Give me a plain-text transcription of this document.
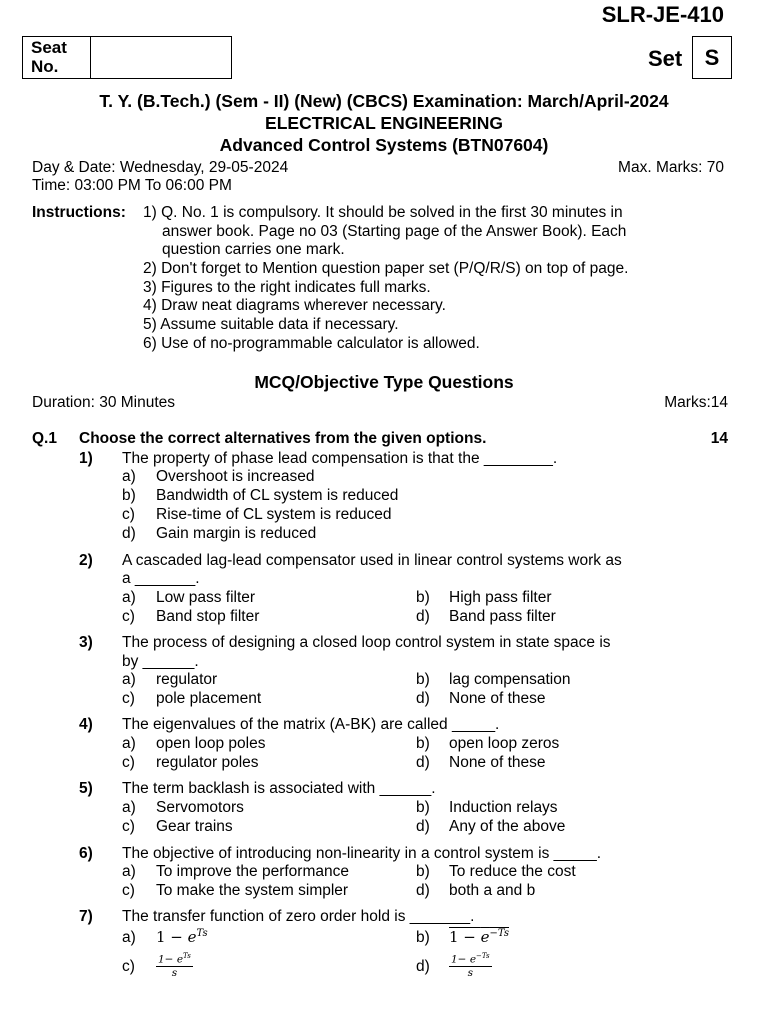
SLR-JE-410
Seat No.	Set	S
T. Y. (B.Tech.) (Sem - II) (New) (CBCS) Examination: March/April-2024
ELECTRICAL ENGINEERING
Advanced Control Systems (BTN07604)
Day & Date: Wednesday, 29-05-2024	Max. Marks: 70
Time: 03:00 PM To 06:00 PM
Instructions: 1) Q. No. 1 is compulsory. It should be solved in the first 30 minutes in
answer book. Page no 03 (Starting page of the Answer Book). Each
question carries one mark.
2) Don't forget to Mention question paper set (P/Q/R/S) on top of page.
3) Figures to the right indicates full marks.
4) Draw neat diagrams wherever necessary.
5) Assume suitable data if necessary.
6) Use of no-programmable calculator is allowed.
MCQ/Objective Type Questions
Duration: 30 Minutes	Marks:14
Q.1 Choose the correct alternatives from the given options.	14
1) The property of phase lead compensation is that the ________.
a) Overshoot is increased
b) Bandwidth of CL system is reduced
c) Rise-time of CL system is reduced
d) Gain margin is reduced
2) A cascaded lag-lead compensator used in linear control systems work as
a _______.
a) Low pass filter	b) High pass filter
c) Band stop filter	d) Band pass filter
3) The process of designing a closed loop control system in state space is
by ______.
a) regulator	b) lag compensation
c) pole placement	d) None of these
4) The eigenvalues of the matrix (A-BK) are called _____.
a) open loop poles	b) open loop zeros
c) regulator poles	d) None of these
5) The term backlash is associated with ______.
a) Servomotors	b) Induction relays
c) Gear trains	d) Any of the above
6) The objective of introducing non-linearity in a control system is _____.
a) To improve the performance	b) To reduce the cost
c) To make the system simpler	d) both a and b
7) The transfer function of zero order hold is _______.
a) $1 - e^{Ts}$	b) $1 - e^{-Ts}$
$c) \frac{1- e^{Ts}}{s}$	$d) \frac{1- e^{-Ts}}{s}$
